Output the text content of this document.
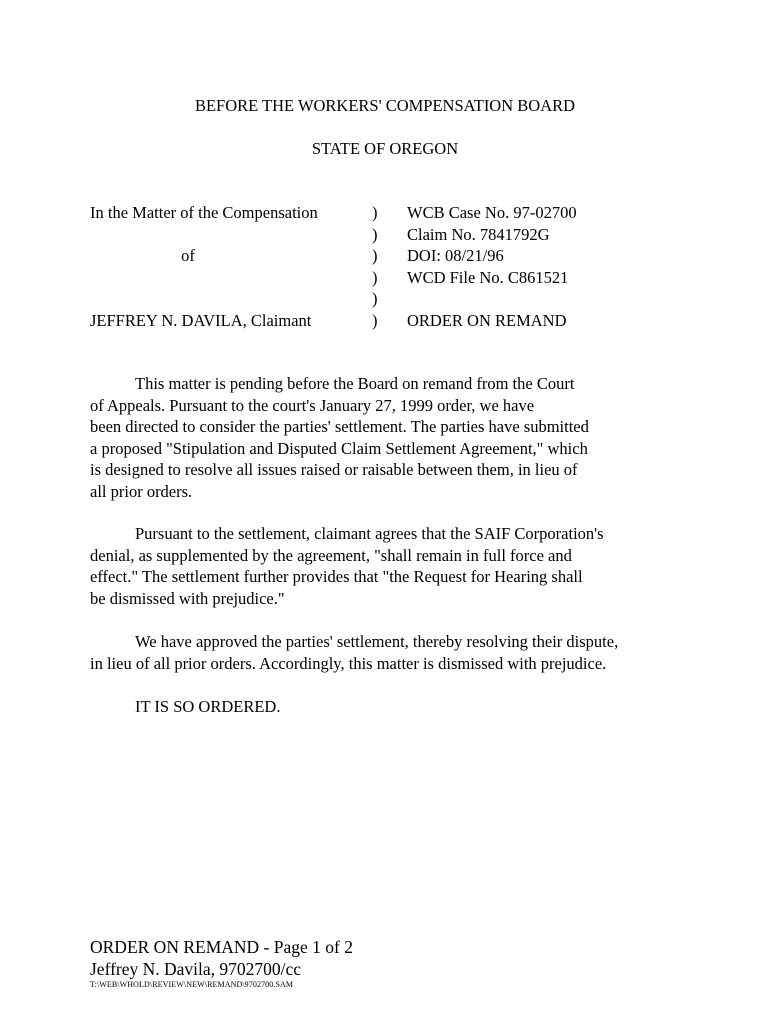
BEFORE THE WORKERS' COMPENSATION BOARD
STATE OF OREGON
In the Matter of the Compensation
of
JEFFREY N. DAVILA, Claimant
)
)
)
)
)
)
WCB Case No. 97-02700
Claim No. 7841792G
DOI: 08/21/96
WCD File No. C861521
ORDER ON REMAND
This matter is pending before the Board on remand from the Court
of Appeals. Pursuant to the court's January 27, 1999 order, we have
been directed to consider the parties' settlement. The parties have submitted
a proposed "Stipulation and Disputed Claim Settlement Agreement," which
is designed to resolve all issues raised or raisable between them, in lieu of
all prior orders.
Pursuant to the settlement, claimant agrees that the SAIF Corporation's
denial, as supplemented by the agreement, "shall remain in full force and
effect." The settlement further provides that "the Request for Hearing shall
be dismissed with prejudice."
We have approved the parties' settlement, thereby resolving their dispute,
in lieu of all prior orders. Accordingly, this matter is dismissed with prejudice.
IT IS SO ORDERED.
ORDER ON REMAND - Page 1 of 2
Jeffrey N. Davila, 9702700/cc
T:\WEB\WHOLD\REVIEW\NEW\REMAND\9702700.SAM
